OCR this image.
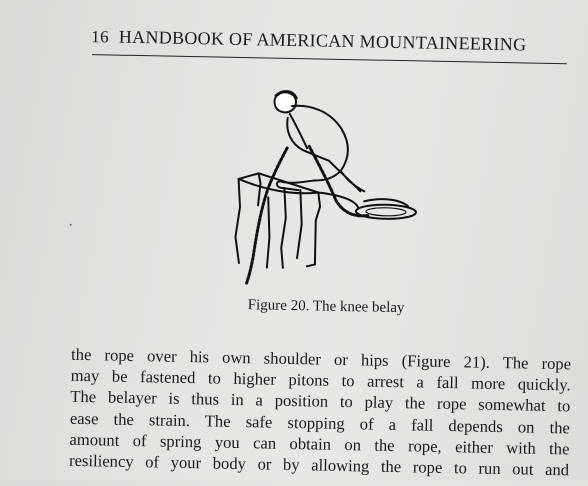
16 HANDBOOK OF AMERICAN MOUNTAINEERING
Figure 20. The knee belay
the rope over his own shoulder or hips (Figure 21). The rope
may be fastened to higher pitons to arrest a fall more quickly.
The belayer is thus in a position to play the rope somewhat to
ease the strain. The safe stopping of a fall depends on the
amount of spring you can obtain on the rope, either with the
resiliency of your body or by allowing the rope to run out and
